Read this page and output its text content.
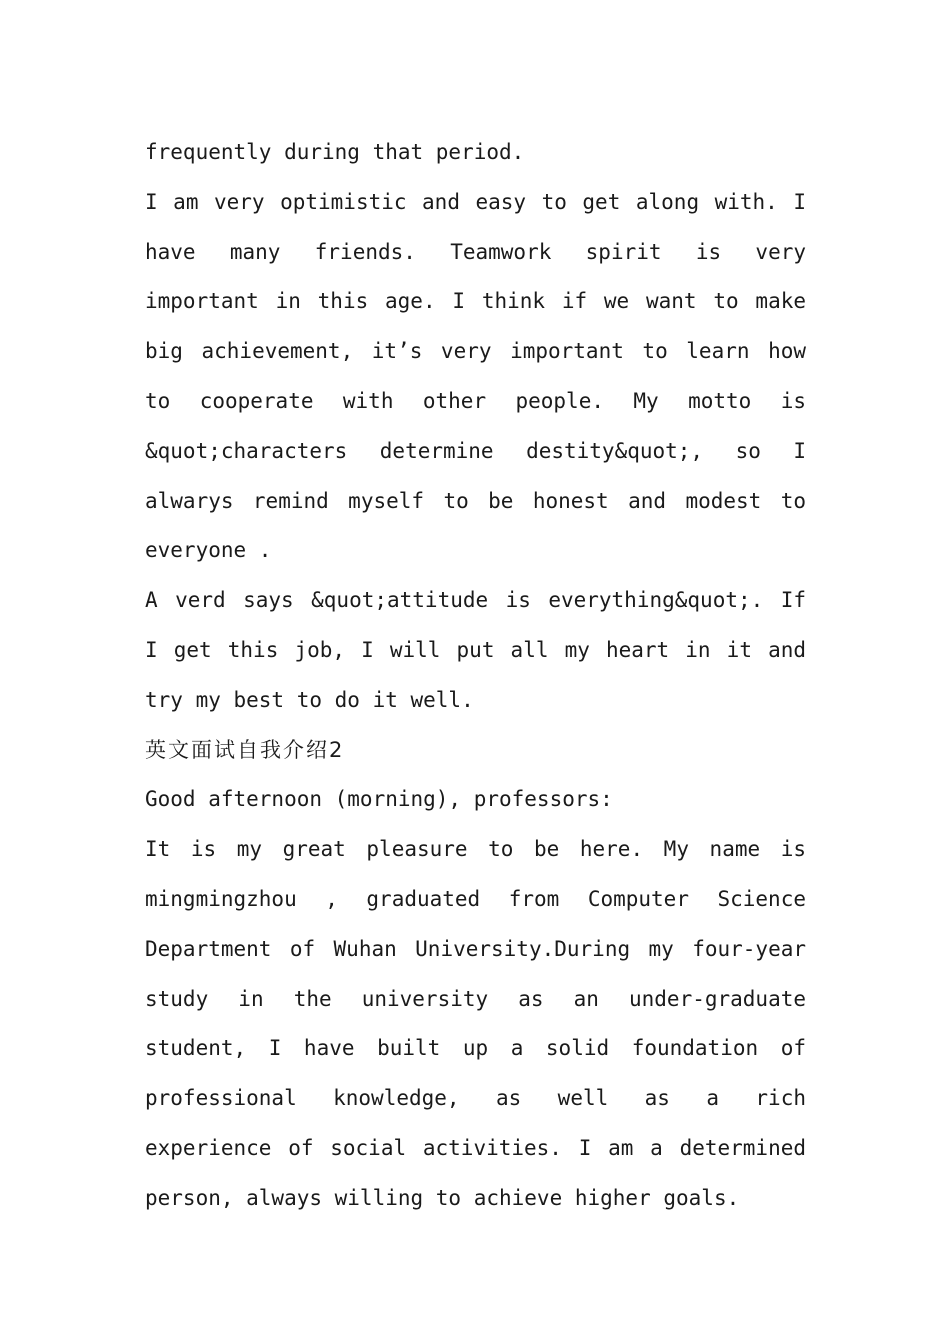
frequently during that period.
I am very optimistic and easy to get along with. I
have many friends. Teamwork spirit is very
important in this age. I think if we want to make
big achievement, it’s very important to learn how
to cooperate with other people. My motto is
&quot;characters determine destity&quot;, so I
alwarys remind myself to be honest and modest to
everyone .
A verd says &quot;attitude is everything&quot;. If
I get this job, I will put all my heart in it and
try my best to do it well.
英文面试自我介绍2
Good afternoon (morning), professors:
It is my great pleasure to be here. My name is
mingmingzhou , graduated from Computer Science
Department of Wuhan University.During my four-year
study in the university as an under-graduate
student, I have built up a solid foundation of
professional knowledge, as well as a rich
experience of social activities. I am a determined
person, always willing to achieve higher goals.
